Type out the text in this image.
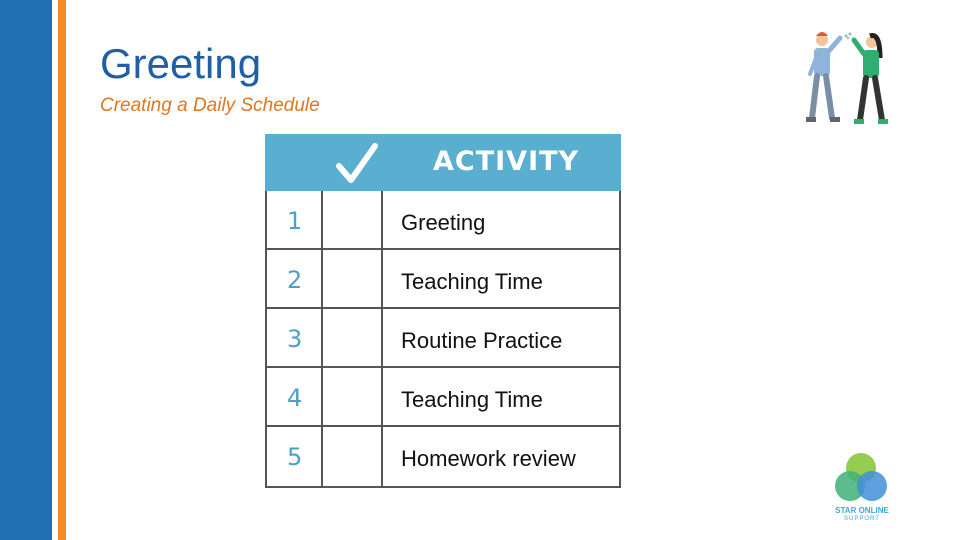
Greeting
Creating a Daily Schedule
ACTIVITY
1	Greeting
2	Teaching Time
3	Routine Practice
4	Teaching Time
5	Homework review
STAR ONLINE
SUPPORT
